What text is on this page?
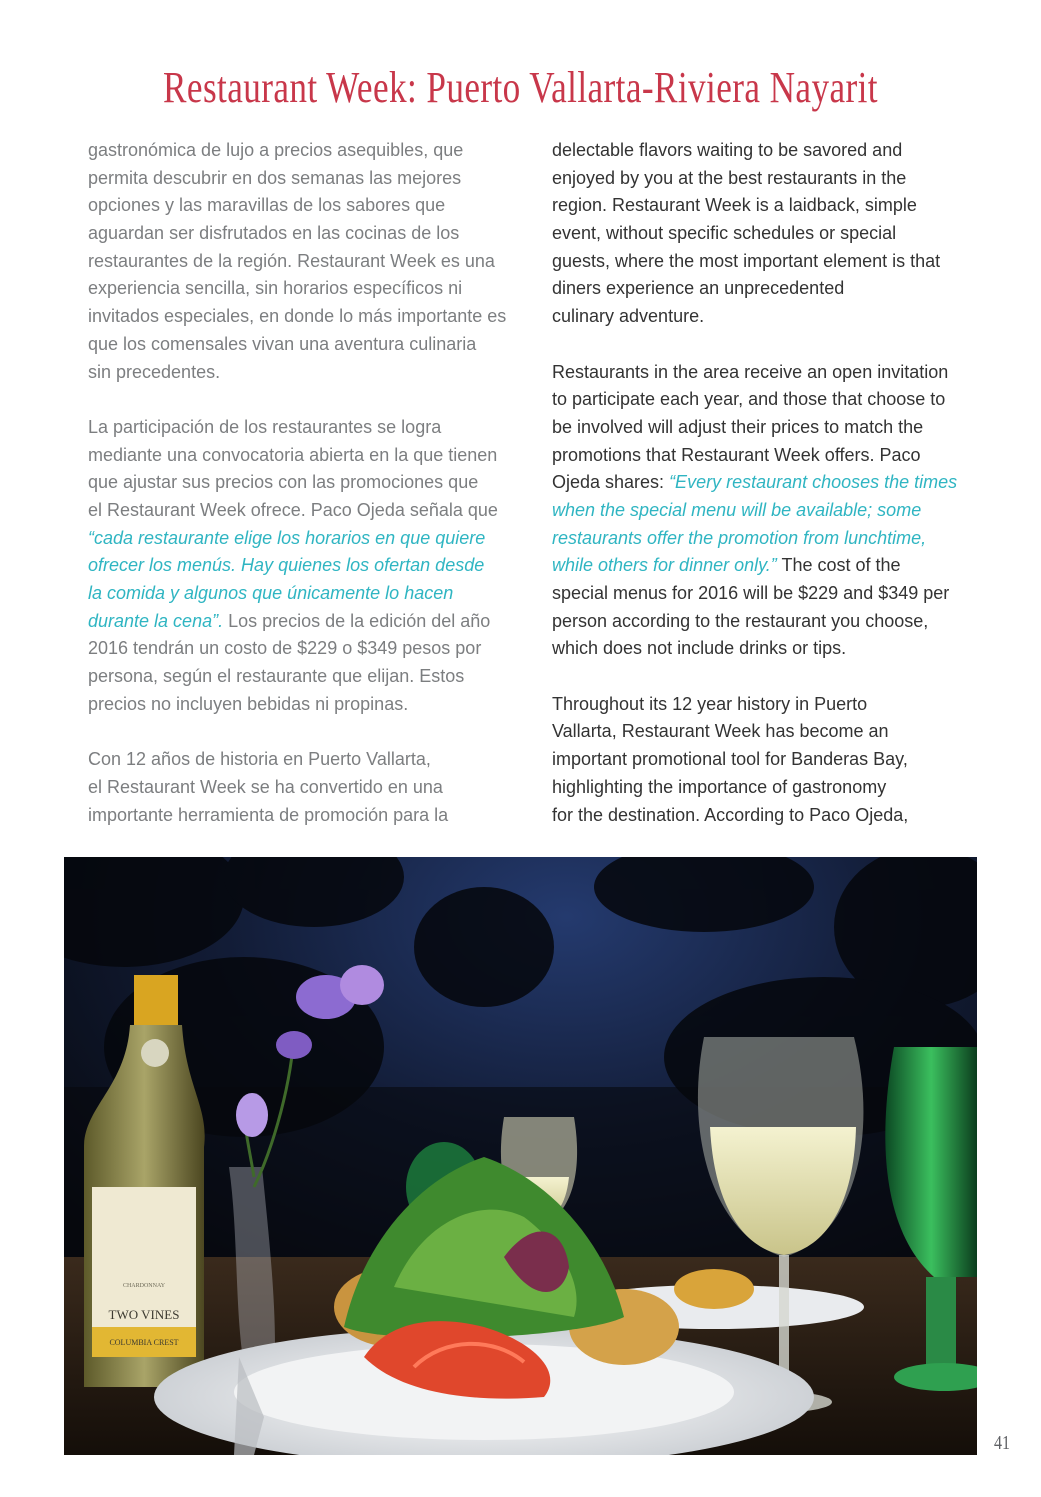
Restaurant Week: Puerto Vallarta-Riviera Nayarit
gastronómica de lujo a precios asequibles, que
permita descubrir en dos semanas las mejores
opciones y las maravillas de los sabores que
aguardan ser disfrutados en las cocinas de los
restaurantes de la región. Restaurant Week es una
experiencia sencilla, sin horarios específicos ni
invitados especiales, en donde lo más importante es
que los comensales vivan una aventura culinaria
sin precedentes.
La participación de los restaurantes se logra
mediante una convocatoria abierta en la que tienen
que ajustar sus precios con las promociones que
el Restaurant Week ofrece. Paco Ojeda señala que
“cada restaurante elige los horarios en que quiere
ofrecer los menús. Hay quienes los ofertan desde
la comida y algunos que únicamente lo hacen
durante la cena”. Los precios de la edición del año
2016 tendrán un costo de $229 o $349 pesos por
persona, según el restaurante que elijan. Estos
precios no incluyen bebidas ni propinas.
Con 12 años de historia en Puerto Vallarta,
el Restaurant Week se ha convertido en una
importante herramienta de promoción para la
delectable flavors waiting to be savored and
enjoyed by you at the best restaurants in the
region. Restaurant Week is a laidback, simple
event, without specific schedules or special
guests, where the most important element is that
diners experience an unprecedented
culinary adventure.
Restaurants in the area receive an open invitation
to participate each year, and those that choose to
be involved will adjust their prices to match the
promotions that Restaurant Week offers. Paco
Ojeda shares: “Every restaurant chooses the times
when the special menu will be available; some
restaurants offer the promotion from lunchtime,
while others for dinner only.” The cost of the
special menus for 2016 will be $229 and $349 per
person according to the restaurant you choose,
which does not include drinks or tips.
Throughout its 12 year history in Puerto
Vallarta, Restaurant Week has become an
important promotional tool for Banderas Bay,
highlighting the importance of gastronomy
for the destination. According to Paco Ojeda,
TWO VINES
COLUMBIA CREST
CHARDONNAY
41
